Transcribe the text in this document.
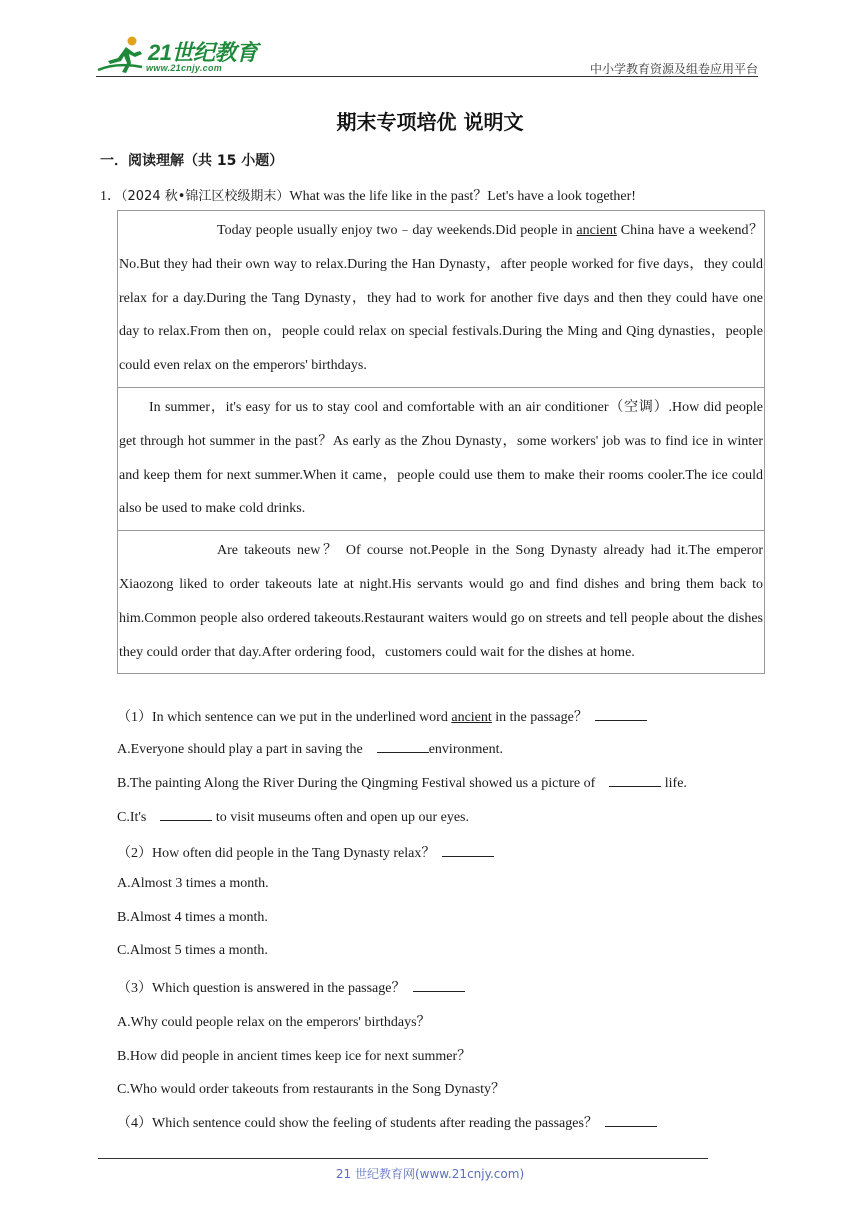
21世纪教育
www.21cnjy.com	中小学教育资源及组卷应用平台
期末专项培优 说明文
一．阅读理解（共 15 小题）
1．（2024 秋•锦江区校级期末）What was the life like in the past？Let's have a look together!
Today people usually enjoy two﹣day weekends.Did people in ancient China have a weekend？No.But they had their own way to relax.During the Han Dynasty，after people worked for five days，they could relax for a day.During the Tang Dynasty，they had to work for another five days and then they could have one day to relax.From then on，people could relax on special festivals.During the Ming and Qing dynasties，people could even relax on the emperors' birthdays.
In summer，it's easy for us to stay cool and comfortable with an air conditioner（空调）.How did people get through hot summer in the past？As early as the Zhou Dynasty，some workers' job was to find ice in winter and keep them for next summer.When it came，people could use them to make their rooms cooler.The ice could also be used to make cold drinks.
Are takeouts new？ Of course not.People in the Song Dynasty already had it.The emperor Xiaozong liked to order takeouts late at night.His servants would go and find dishes and bring them back to him.Common people also ordered takeouts.Restaurant waiters would go on streets and tell people about the dishes they could order that day.After ordering food，customers could wait for the dishes at home.
（1）In which sentence can we put in the underlined word ancient in the passage？
A.Everyone should play a part in saving the	environment.
B.The painting Along the River During the Qingming Festival showed us a picture of	life.
C.It's	to visit museums often and open up our eyes.
（2）How often did people in the Tang Dynasty relax？
A.Almost 3 times a month.
B.Almost 4 times a month.
C.Almost 5 times a month.
（3）Which question is answered in the passage？
A.Why could people relax on the emperors' birthdays？
B.How did people in ancient times keep ice for next summer？
C.Who would order takeouts from restaurants in the Song Dynasty？
（4）Which sentence could show the feeling of students after reading the passages？
21 世纪教育网(www.21cnjy.com)
